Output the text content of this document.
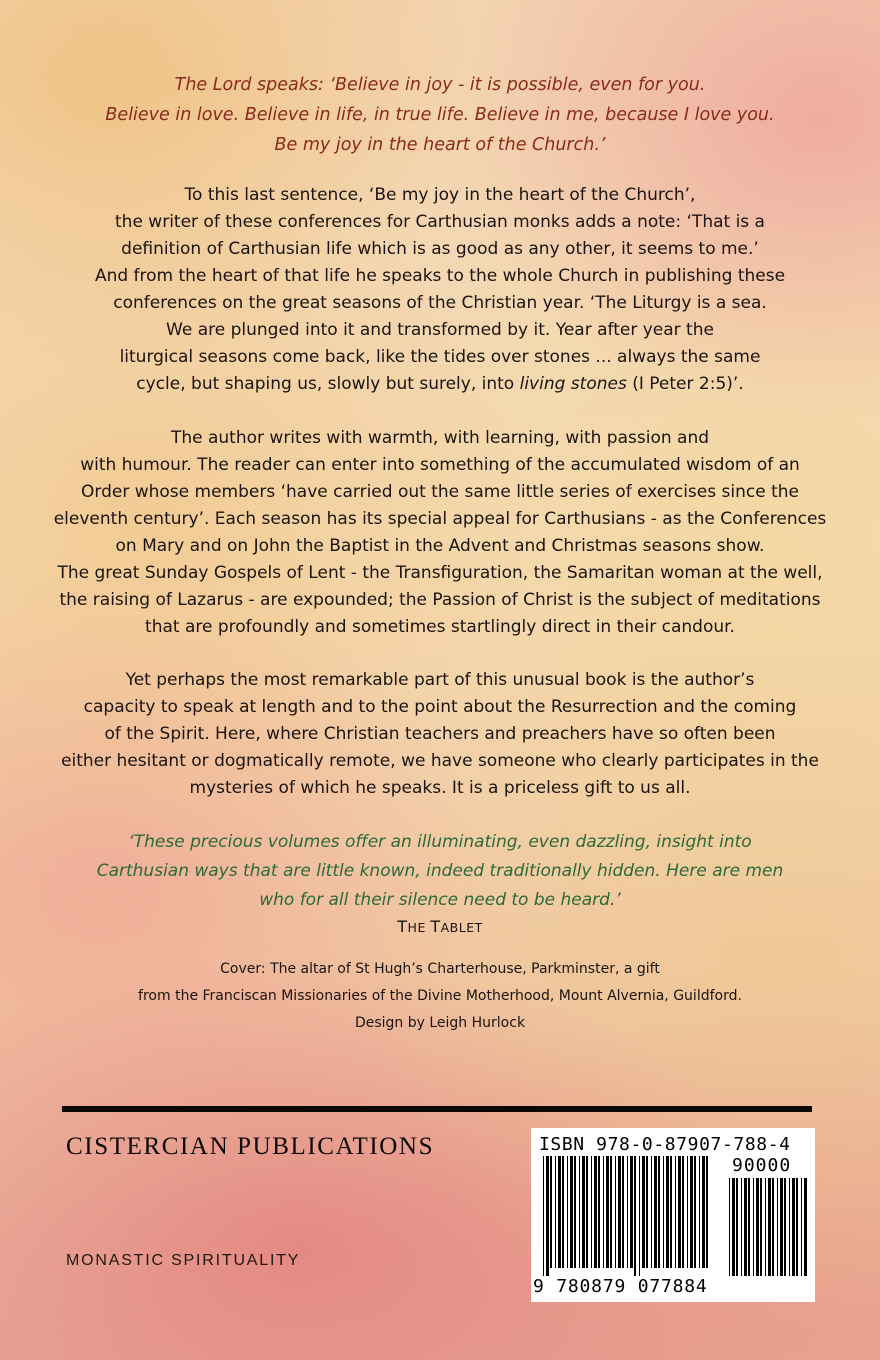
The Lord speaks: ‘Believe in joy - it is possible, even for you.
Believe in love. Believe in life, in true life. Believe in me, because I love you.
Be my joy in the heart of the Church.’
To this last sentence, ‘Be my joy in the heart of the Church’,
the writer of these conferences for Carthusian monks adds a note: ‘That is a
definition of Carthusian life which is as good as any other, it seems to me.’
And from the heart of that life he speaks to the whole Church in publishing these
conferences on the great seasons of the Christian year. ‘The Liturgy is a sea.
We are plunged into it and transformed by it. Year after year the
liturgical seasons come back, like the tides over stones ... always the same
cycle, but shaping us, slowly but surely, into living stones (I Peter 2:5)’.
The author writes with warmth, with learning, with passion and
with humour. The reader can enter into something of the accumulated wisdom of an
Order whose members ‘have carried out the same little series of exercises since the
eleventh century’. Each season has its special appeal for Carthusians - as the Conferences
on Mary and on John the Baptist in the Advent and Christmas seasons show.
The great Sunday Gospels of Lent - the Transfiguration, the Samaritan woman at the well,
the raising of Lazarus - are expounded; the Passion of Christ is the subject of meditations
that are profoundly and sometimes startlingly direct in their candour.
Yet perhaps the most remarkable part of this unusual book is the author’s
capacity to speak at length and to the point about the Resurrection and the coming
of the Spirit. Here, where Christian teachers and preachers have so often been
either hesitant or dogmatically remote, we have someone who clearly participates in the
mysteries of which he speaks. It is a priceless gift to us all.
‘These precious volumes offer an illuminating, even dazzling, insight into
Carthusian ways that are little known, indeed traditionally hidden. Here are men
who for all their silence need to be heard.’
THE TABLET
Cover: The altar of St Hugh’s Charterhouse, Parkminster, a gift
from the Franciscan Missionaries of the Divine Motherhood, Mount Alvernia, Guildford.
Design by Leigh Hurlock
CISTERCIAN PUBLICATIONS
MONASTIC SPIRITUALITY
ISBN 978-0-87907-788-4
90000
9 780879 077884
